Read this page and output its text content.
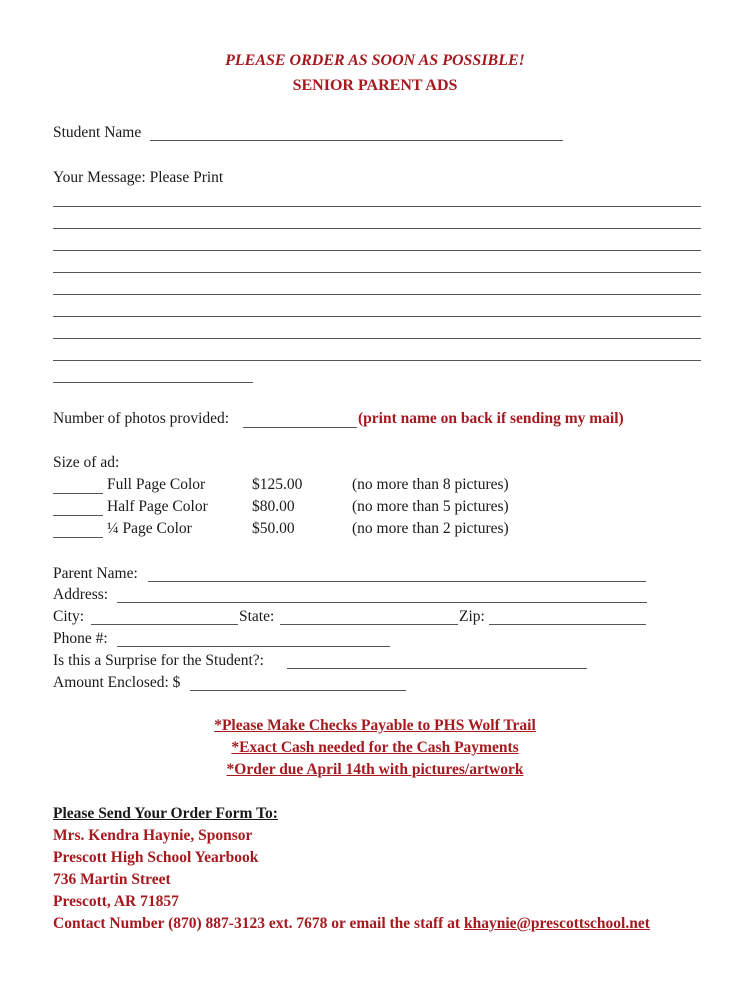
PLEASE ORDER AS SOON AS POSSIBLE!
SENIOR PARENT ADS
Student Name
Your Message: Please Print
Number of photos provided:	(print name on back if sending my mail)
Size of ad:
Full Page Color	$125.00	(no more than 8 pictures)
Half Page Color	$80.00	(no more than 5 pictures)
¼ Page Color	$50.00	(no more than 2 pictures)
Parent Name:
Address:
City:	State:	Zip:
Phone #:
Is this a Surprise for the Student?:
Amount Enclosed: $
*Please Make Checks Payable to PHS Wolf Trail
*Exact Cash needed for the Cash Payments
*Order due April 14th with pictures/artwork
Please Send Your Order Form To:
Mrs. Kendra Haynie, Sponsor
Prescott High School Yearbook
736 Martin Street
Prescott, AR 71857
Contact Number (870) 887-3123 ext. 7678 or email the staff at khaynie@prescottschool.net
